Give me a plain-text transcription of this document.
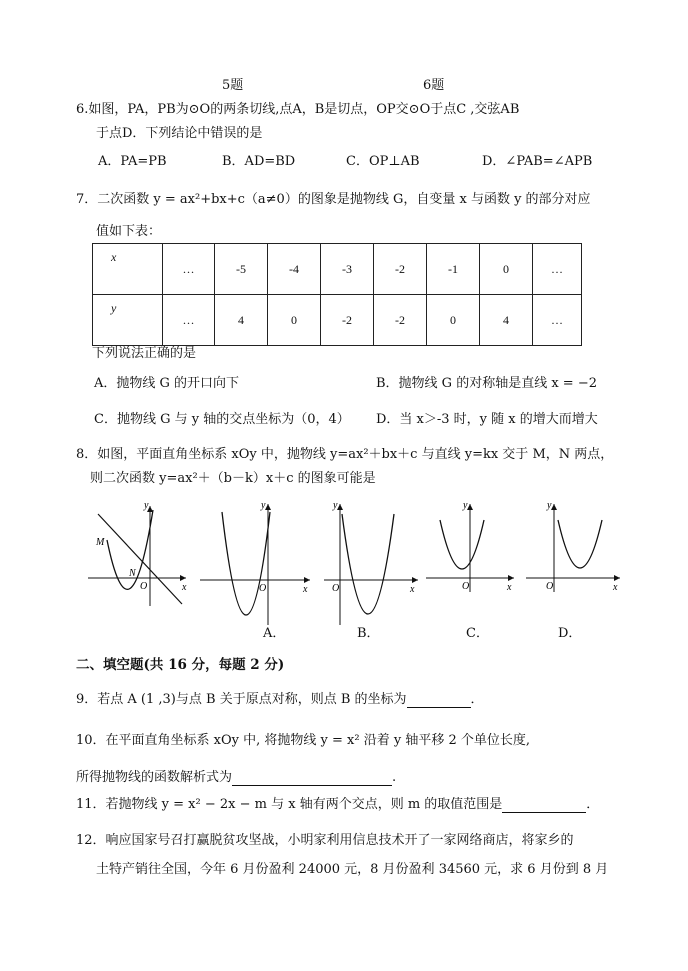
5题	6题
6.如图，PA，PB为⊙O的两条切线,点A，B是切点，OP交⊙O于点C ,交弦AB
于点D．下列结论中错误的是
A．PA=PB	B．AD=BD	C．OP⊥AB	D．∠PAB=∠APB
7．二次函数 y = ax²+bx+c（a≠0）的图象是抛物线 G，自变量 x 与函数 y 的部分对应
值如下表：
x	…	-5	-4	-3	-2	-1	0	…
y	…	4	0	-2	-2	0	4	…
下列说法正确的是
A．抛物线 G 的开口向下	B．抛物线 G 的对称轴是直线 x = −2
C．抛物线 G 与 y 轴的交点坐标为（0，4） D．当 x＞-3 时，y 随 x 的增大而增大
8．如图，平面直角坐标系 xOy 中，抛物线 y=ax²＋bx＋c 与直线 y=kx 交于 M，N 两点，
则二次函数 y=ax²＋（b－k）x＋c 的图象可能是
y
x
O
M
N
y
x
O
y
x
O
y
x
O
y
x
O
A．	B．	C．	D．
二、填空题(共 16 分，每题 2 分)
9．若点 A (1 ,3)与点 B 关于原点对称，则点 B 的坐标为	．
10．在平面直角坐标系 xOy 中, 将抛物线 y = x² 沿着 y 轴平移 2 个单位长度,
所得抛物线的函数解析式为	.
11．若抛物线 y = x² − 2x − m 与 x 轴有两个交点，则 m 的取值范围是	．
12．响应国家号召打赢脱贫攻坚战，小明家利用信息技术开了一家网络商店，将家乡的
土特产销往全国，今年 6 月份盈利 24000 元，8 月份盈利 34560 元，求 6 月份到 8 月
